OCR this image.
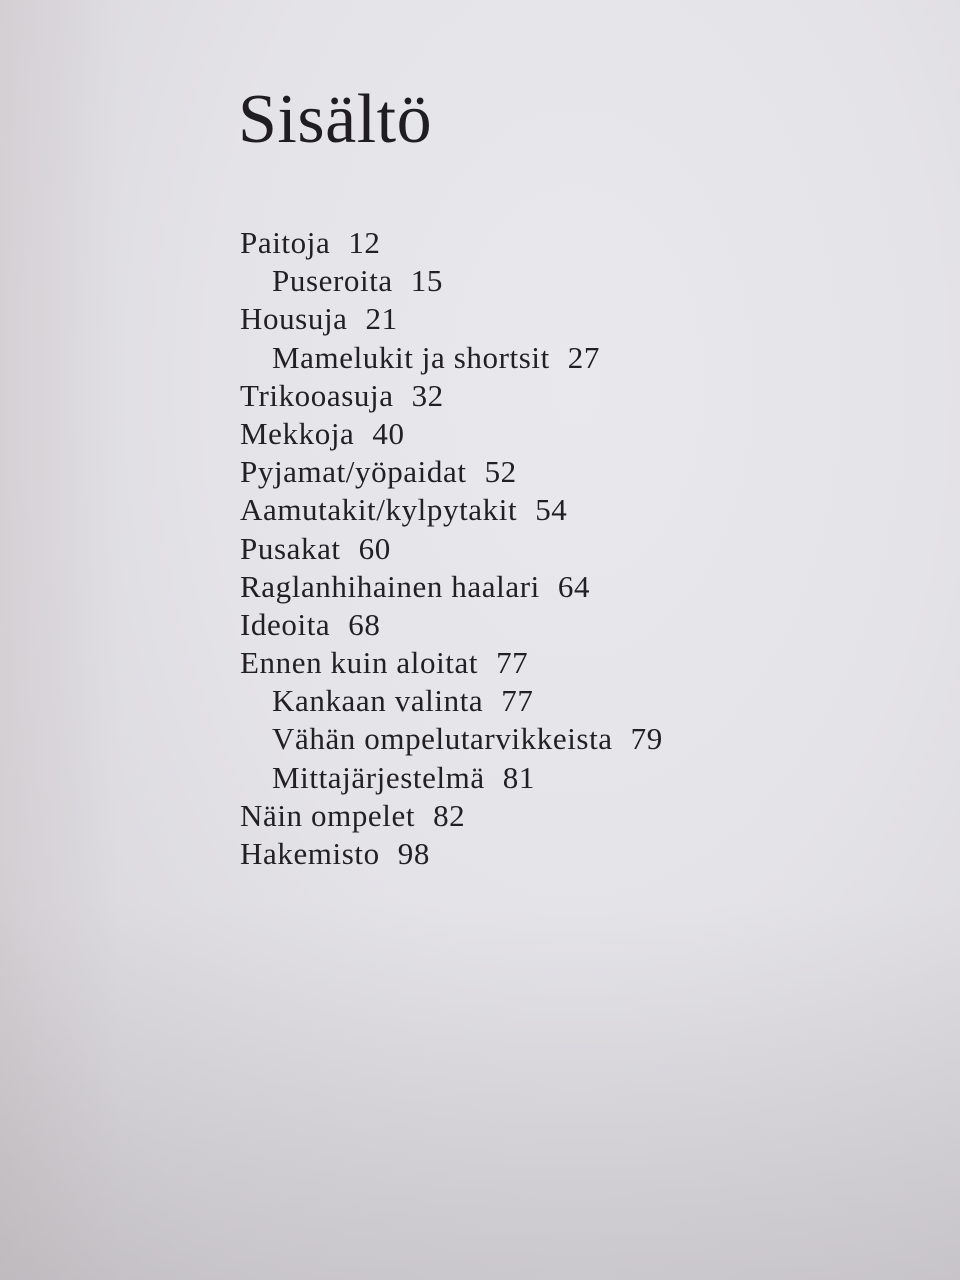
Sisältö
Paitoja 12
Puseroita 15
Housuja 21
Mamelukit ja shortsit 27
Trikooasuja 32
Mekkoja 40
Pyjamat/yöpaidat 52
Aamutakit/kylpytakit 54
Pusakat 60
Raglanhihainen haalari 64
Ideoita 68
Ennen kuin aloitat 77
Kankaan valinta 77
Vähän ompelutarvikkeista 79
Mittajärjestelmä 81
Näin ompelet 82
Hakemisto 98
